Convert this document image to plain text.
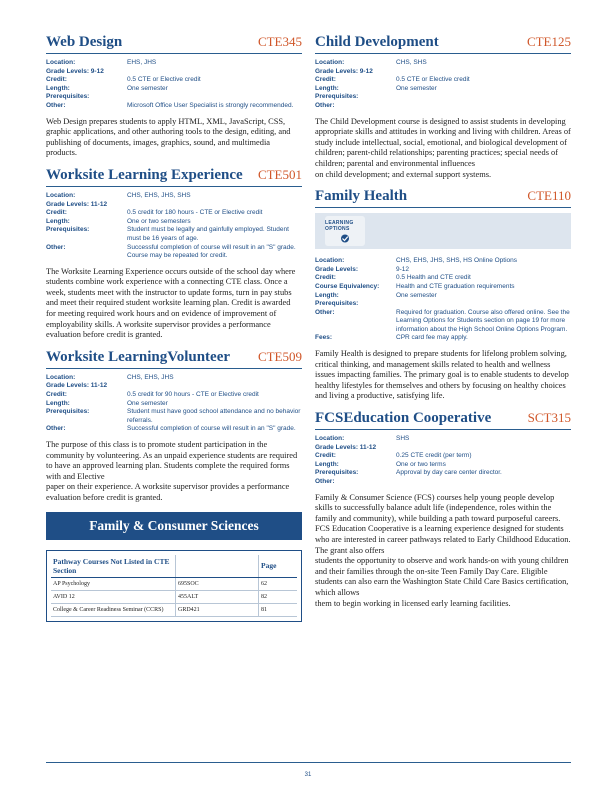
Web Design	CTE345
Location:	EHS, JHS
Grade Levels: 9-12
Credit:	0.5 CTE or Elective credit
Length:	One semester
Prerequisites:
Other:	Microsoft Office User Specialist is strongly recommended.
Web Design prepares students to apply HTML, XML, JavaScript, CSS, graphic applications, and other authoring tools to the design, editing, and publishing of documents, images, graphics, sound, and multimedia products.
Worksite Learning Experience CTE501
Location:	CHS, EHS, JHS, SHS
Grade Levels: 11-12
Credit:	0.5 credit for 180 hours - CTE or Elective credit
Length:	One or two semesters
Prerequisites:	Student must be legally and gainfully employed. Student must be 16 years of age.
Other:	Successful completion of course will result in an "S" grade. Course may be repeated for credit.
The Worksite Learning Experience occurs outside of the school day where students combine work experience with a connecting CTE class. Once a week, students meet with the instructor to update forms, turn in pay stubs and meet their required student worksite learning plan. Credit is awarded for meeting required work hours and on evidence of improvement of employability skills. A worksite supervisor provides a performance evaluation before credit is granted.
Worksite LearningVolunteer CTE509
Location:	CHS, EHS, JHS
Grade Levels: 11-12
Credit:	0.5 credit for 90 hours - CTE or Elective credit
Length:	One semester
Prerequisites:	Student must have good school attendance and no behavior referrals.
Other:	Successful completion of course will result in an "S" grade.
The purpose of this class is to promote student participation in the community by volunteering. As an unpaid experience students are required to have an approved learning plan. Students complete the required forms with and Elective
paper on their experience. A worksite supervisor provides a performance evaluation before credit is granted.
Family & Consumer Sciences
Pathway Courses Not Listed in CTE Section		Page
AP Psychology	695SOC	62
AVID 12	455ALT	82
College & Career Readiness Seminar (CCRS)	GRD421	81
Child Development	CTE125
Location:	CHS, SHS
Grade Levels: 9-12
Credit:	0.5 CTE or Elective credit
Length:	One semester
Prerequisites:
Other:
The Child Development course is designed to assist students in developing appropriate skills and attitudes in working and living with children. Areas of study include intellectual, social, emotional, and biological development of children; parent-child relationships; parenting practices; special needs of children; parental and environmental influences
on child development; and external support systems.
Family Health	CTE110
LEARNING OPTIONS
Location:	CHS, EHS, JHS, SHS, HS Online Options
Grade Levels:	9-12
Credit:	0.5 Health and CTE credit
Course Equivalency:	Health and CTE graduation requirements
Length:	One semester
Prerequisites:
Other:	Required for graduation. Course also offered online. See the Learning Options for Students section on page 19 for more information about the High School Online Options Program.
Fees:	CPR card fee may apply.
Family Health is designed to prepare students for lifelong problem solving, critical thinking, and management skills related to health and wellness issues impacting families. The primary goal is to enable students to develop healthy lifestyles for themselves and others by focusing on healthy choices and living a productive, satisfying life.
FCSEducation Cooperative	SCT315
Location:	SHS
Grade Levels: 11-12
Credit:	0.25 CTE credit (per term)
Length:	One or two terms
Prerequisites:	Approval by day care center director.
Other:
Family & Consumer Science (FCS) courses help young people develop skills to successfully balance adult life (independence, roles within the family and community), while building a path toward purposeful careers. FCS Education Cooperative is a learning experience designed for students who are interested in career pathways related to Early Childhood Education. The grant also offers
students the opportunity to observe and work hands-on with young children and their families through the on-site Teen Family Day Care. Eligible students can also earn the Washington State Child Care Basics certification, which allows
them to begin working in licensed early learning facilities.
31
